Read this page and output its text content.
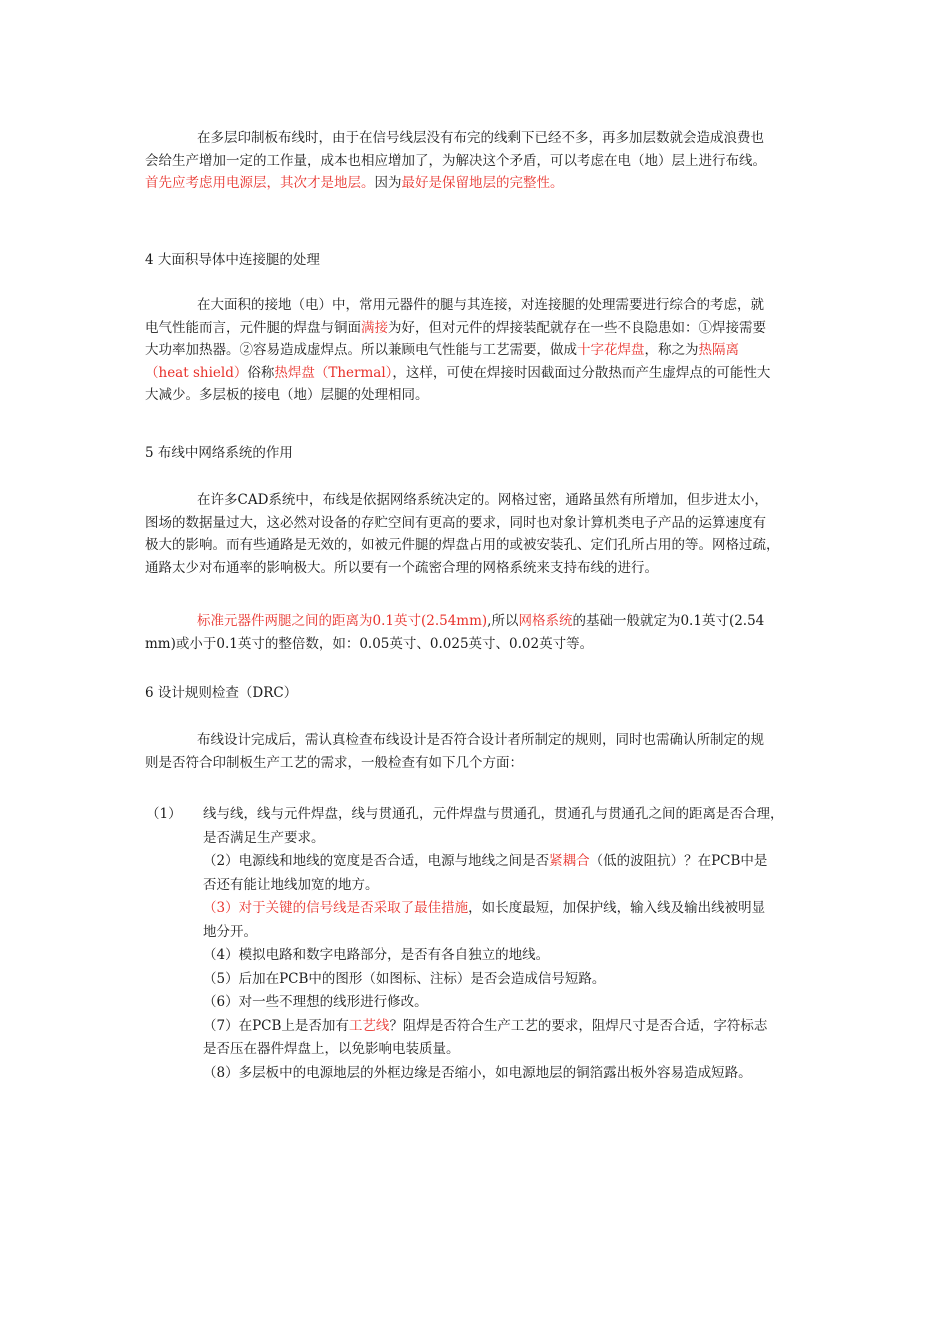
在多层印制板布线时，由于在信号线层没有布完的线剩下已经不多，再多加层数就会造成浪费也
会给生产增加一定的工作量，成本也相应增加了，为解决这个矛盾，可以考虑在电（地）层上进行布线。
首先应考虑用电源层，其次才是地层。因为最好是保留地层的完整性。
4 大面积导体中连接腿的处理
在大面积的接地（电）中，常用元器件的腿与其连接，对连接腿的处理需要进行综合的考虑，就
电气性能而言，元件腿的焊盘与铜面满接为好，但对元件的焊接装配就存在一些不良隐患如：①焊接需要
大功率加热器。②容易造成虚焊点。所以兼顾电气性能与工艺需要，做成十字花焊盘，称之为热隔离
（heat shield）俗称热焊盘（Thermal），这样，可使在焊接时因截面过分散热而产生虚焊点的可能性大
大减少。多层板的接电（地）层腿的处理相同。
5 布线中网络系统的作用
在许多CAD系统中，布线是依据网络系统决定的。网格过密，通路虽然有所增加，但步进太小，
图场的数据量过大，这必然对设备的存贮空间有更高的要求，同时也对象计算机类电子产品的运算速度有
极大的影响。而有些通路是无效的，如被元件腿的焊盘占用的或被安装孔、定们孔所占用的等。网格过疏，
通路太少对布通率的影响极大。所以要有一个疏密合理的网格系统来支持布线的进行。
标准元器件两腿之间的距离为0.1英寸(2.54mm),所以网格系统的基础一般就定为0.1英寸(2.54
mm)或小于0.1英寸的整倍数，如：0.05英寸、0.025英寸、0.02英寸等。
6 设计规则检查（DRC）
布线设计完成后，需认真检查布线设计是否符合设计者所制定的规则，同时也需确认所制定的规
则是否符合印制板生产工艺的需求，一般检查有如下几个方面：
（1） 线与线，线与元件焊盘，线与贯通孔，元件焊盘与贯通孔，贯通孔与贯通孔之间的距离是否合理，
是否满足生产要求。
（2）电源线和地线的宽度是否合适，电源与地线之间是否紧耦合（低的波阻抗）？在PCB中是
否还有能让地线加宽的地方。
（3）对于关键的信号线是否采取了最佳措施，如长度最短，加保护线，输入线及输出线被明显
地分开。
（4）模拟电路和数字电路部分，是否有各自独立的地线。
（5）后加在PCB中的图形（如图标、注标）是否会造成信号短路。
（6）对一些不理想的线形进行修改。
（7）在PCB上是否加有工艺线？阻焊是否符合生产工艺的要求，阻焊尺寸是否合适，字符标志
是否压在器件焊盘上，以免影响电装质量。
（8）多层板中的电源地层的外框边缘是否缩小，如电源地层的铜箔露出板外容易造成短路。
